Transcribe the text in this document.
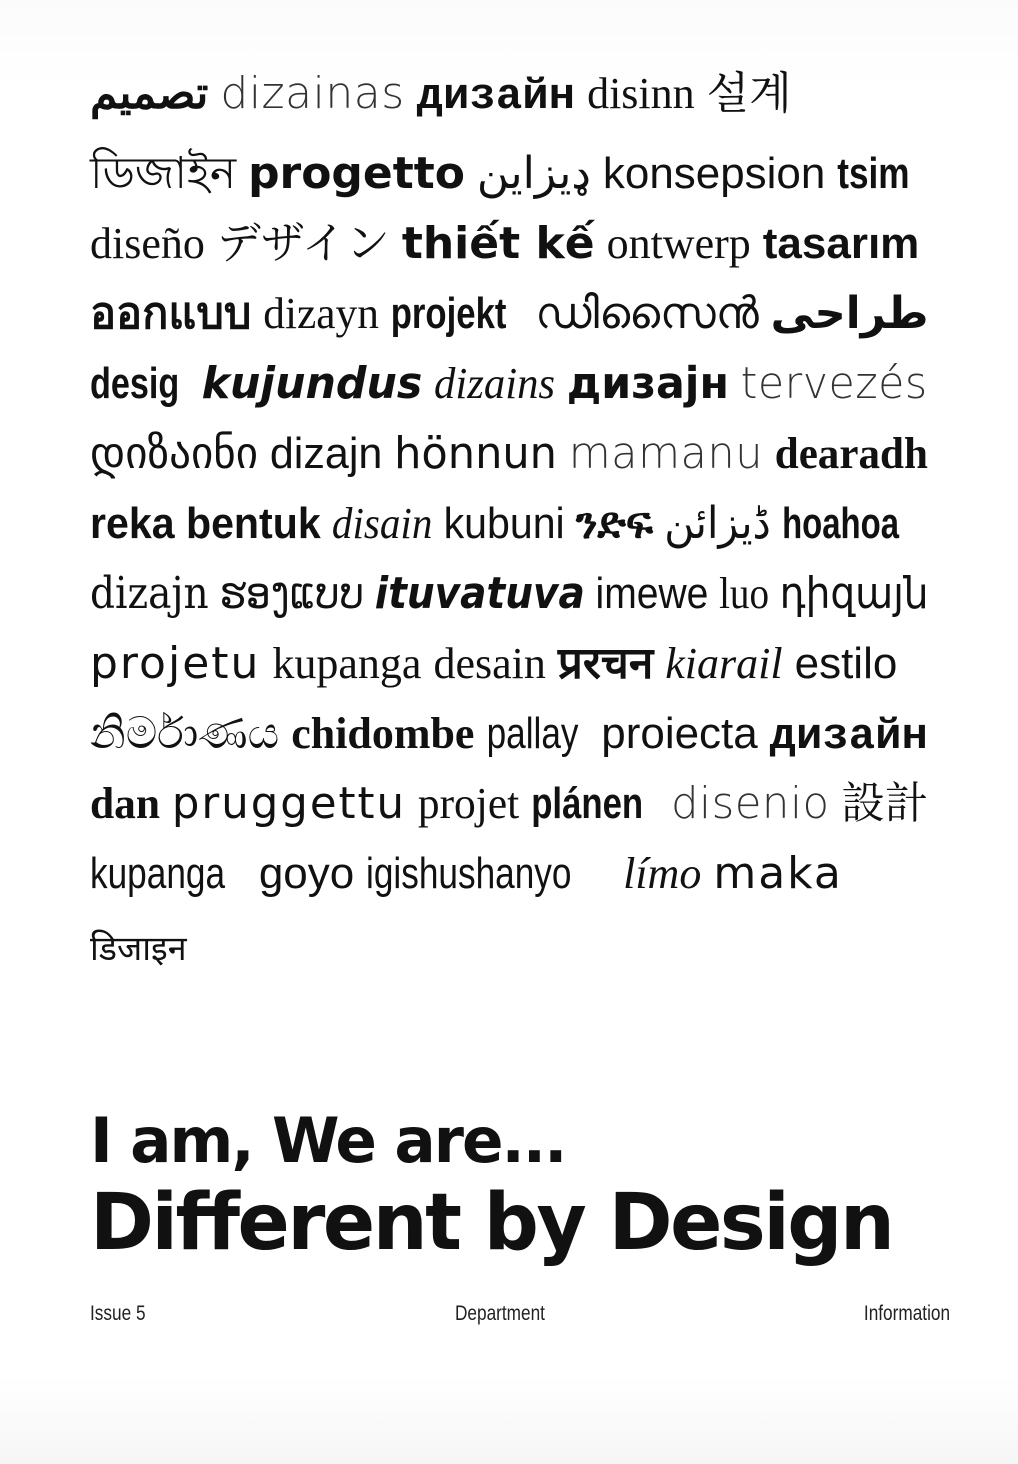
تصميم dizainas дизайн disinn 설계
ডিজাইন progetto ډیزاین konsepsion tsim
diseño デザイン thiết kế ontwerp tasarım
ออกแบบ dizayn projekt ഡിസൈൻ طراحی
desig kujundus dizains дизајн tervezés
დიზაინი dizajn hönnun mamanu dearadh
reka bentuk disain kubuni ንድፍ ڈیزائن hoahoa
dizajn ຮອງແບບ ituvatuva imewe luo դիզայն
projetu kupanga desain प्ररचन kiarail estilo
නිර්මාණය chidombe pallay proiecta дизайн
dan pruggettu projet plánen disenio 設計
kupanga goyo igishushanyo límo maka
डिजाइन
I am, We are...
Different by Design
Issue 5	Department	Information
